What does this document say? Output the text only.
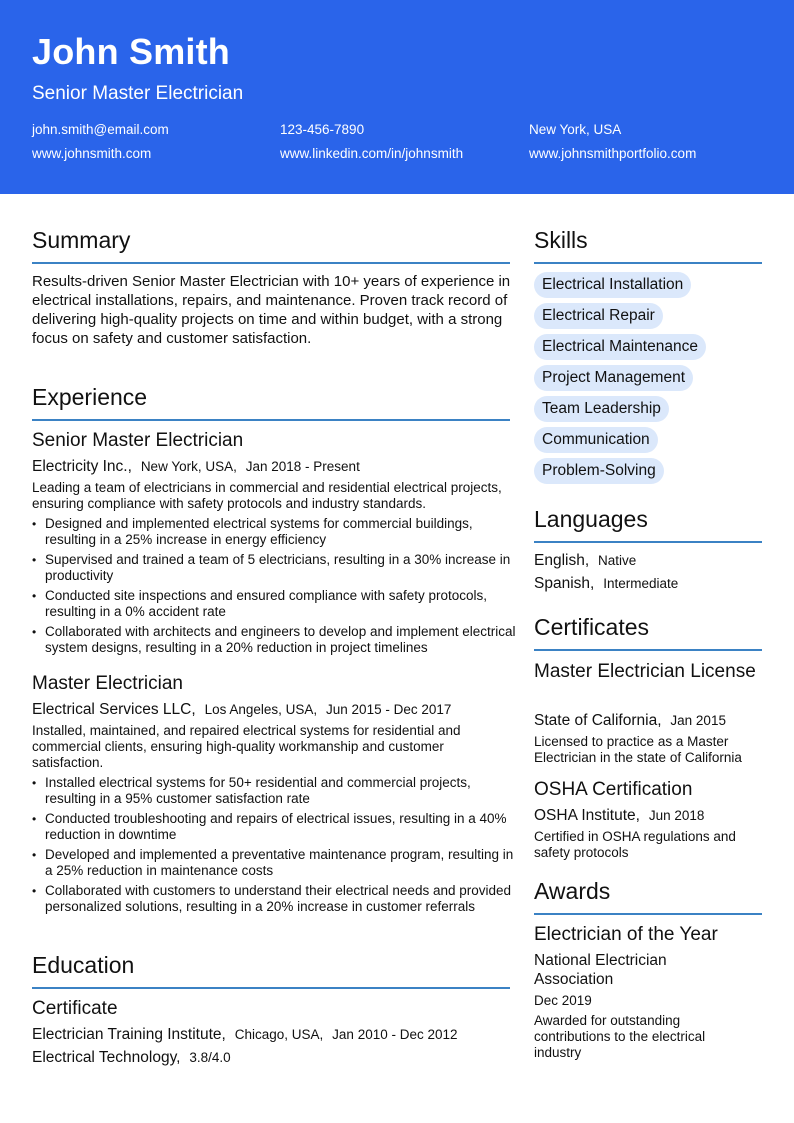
John Smith
Senior Master Electrician
john.smith@email.com	123-456-7890	New York, USA
www.johnsmith.com	www.linkedin.com/in/johnsmith	www.johnsmithportfolio.com
Summary
Results-driven Senior Master Electrician with 10+ years of experience in electrical installations, repairs, and maintenance. Proven track record of delivering high-quality projects on time and within budget, with a strong focus on safety and customer satisfaction.
Experience
Senior Master Electrician
Electricity Inc., New York, USA, Jan 2018 - Present
Leading a team of electricians in commercial and residential electrical projects, ensuring compliance with safety protocols and industry standards.
• Designed and implemented electrical systems for commercial buildings, resulting in a 25% increase in energy efficiency
• Supervised and trained a team of 5 electricians, resulting in a 30% increase in productivity
• Conducted site inspections and ensured compliance with safety protocols, resulting in a 0% accident rate
• Collaborated with architects and engineers to develop and implement electrical system designs, resulting in a 20% reduction in project timelines
Master Electrician
Electrical Services LLC, Los Angeles, USA, Jun 2015 - Dec 2017
Installed, maintained, and repaired electrical systems for residential and commercial clients, ensuring high-quality workmanship and customer satisfaction.
• Installed electrical systems for 50+ residential and commercial projects, resulting in a 95% customer satisfaction rate
• Conducted troubleshooting and repairs of electrical issues, resulting in a 40% reduction in downtime
• Developed and implemented a preventative maintenance program, resulting in a 25% reduction in maintenance costs
• Collaborated with customers to understand their electrical needs and provided personalized solutions, resulting in a 20% increase in customer referrals
Education
Certificate
Electrician Training Institute, Chicago, USA, Jan 2010 - Dec 2012
Electrical Technology, 3.8/4.0
Skills
Electrical Installation
Electrical Repair
Electrical Maintenance
Project Management
Team Leadership
Communication
Problem-Solving
Languages
English, Native
Spanish, Intermediate
Certificates
Master Electrician License
State of California, Jan 2015
Licensed to practice as a Master Electrician in the state of California
OSHA Certification
OSHA Institute, Jun 2018
Certified in OSHA regulations and safety protocols
Awards
Electrician of the Year
National Electrician Association
Dec 2019
Awarded for outstanding contributions to the electrical industry
